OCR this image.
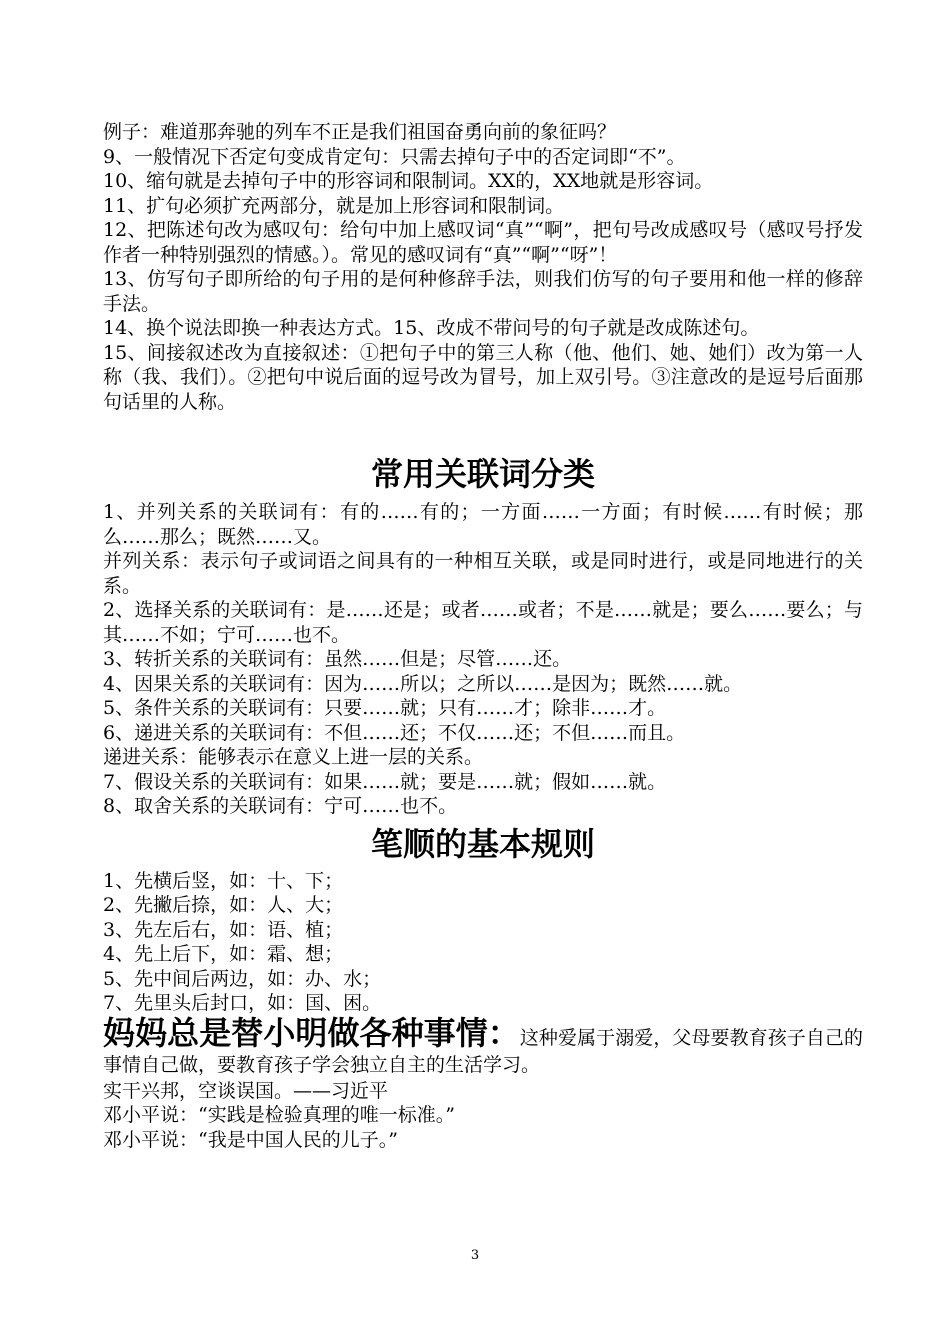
例子：难道那奔驰的列车不正是我们祖国奋勇向前的象征吗？

9、一般情况下否定句变成肯定句：只需去掉句子中的否定词即“不”。

10、缩句就是去掉句子中的形容词和限制词。XX的，XX地就是形容词。

11、扩句必须扩充两部分，就是加上形容词和限制词。

12、把陈述句改为感叹句：给句中加上感叹词“真”“啊”，把句号改成感叹号（感叹号抒发作者一种特别强烈的情感。）。常见的感叹词有“真”“啊”“呀”！

13、仿写句子即所给的句子用的是何种修辞手法，则我们仿写的句子要用和他一样的修辞手法。

14、换个说法即换一种表达方式。15、改成不带问号的句子就是改成陈述句。

15、间接叙述改为直接叙述：①把句子中的第三人称（他、他们、她、她们）改为第一人称（我、我们）。②把句中说后面的逗号改为冒号，加上双引号。③注意改的是逗号后面那句话里的人称。

常用关联词分类

1、并列关系的关联词有：有的……有的；一方面……一方面；有时候……有时候；那么……那么；既然……又。

并列关系：表示句子或词语之间具有的一种相互关联，或是同时进行，或是同地进行的关系。

2、选择关系的关联词有：是……还是；或者……或者；不是……就是；要么……要么；与其……不如；宁可……也不。

3、转折关系的关联词有：虽然……但是；尽管……还。

4、因果关系的关联词有：因为……所以；之所以……是因为；既然……就。

5、条件关系的关联词有：只要……就；只有……才；除非……才。

6、递进关系的关联词有：不但……还；不仅……还；不但……而且。

递进关系：能够表示在意义上进一层的关系。

7、假设关系的关联词有：如果……就；要是……就；假如……就。

8、取舍关系的关联词有：宁可……也不。

笔顺的基本规则

1、先横后竖，如：十、下；

2、先撇后捺，如：人、大；

3、先左后右，如：语、植；

4、先上后下，如：霜、想；

5、先中间后两边，如：办、水；

7、先里头后封口，如：国、困。

妈妈总是替小明做各种事情：这种爱属于溺爱，父母要教育孩子自己的事情自己做，要教育孩子学会独立自主的生活学习。

实干兴邦，空谈误国。——习近平

邓小平说：“实践是检验真理的唯一标准。”

邓小平说：“我是中国人民的儿子。”

3
